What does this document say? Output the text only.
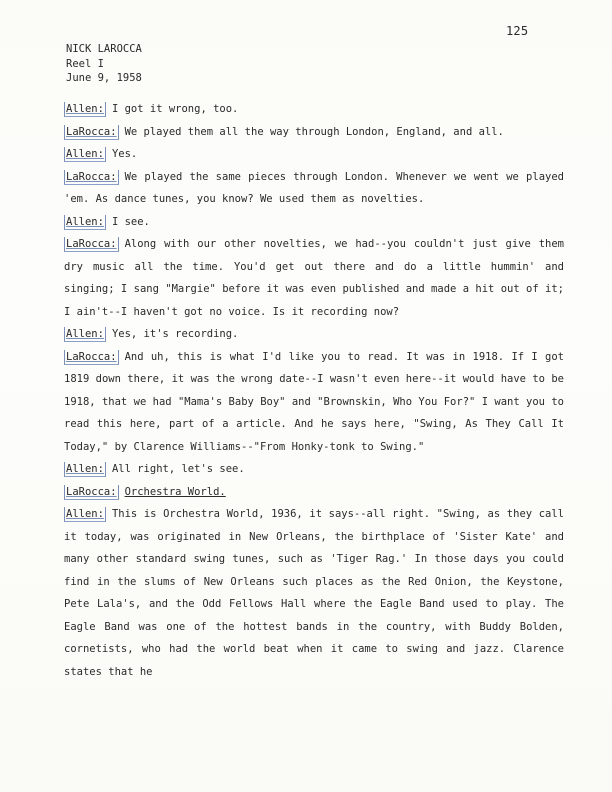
125
NICK LAROCCA
Reel I
June 9, 1958
Allen: I got it wrong, too.
LaRocca: We played them all the way through London, England, and all.
Allen: Yes.
LaRocca: We played the same pieces through London. Whenever we went we played 'em. As dance tunes, you know? We used them as novelties.
Allen: I see.
LaRocca: Along with our other novelties, we had--you couldn't just give them dry music all the time. You'd get out there and do a little hummin' and singing; I sang "Margie" before it was even published and made a hit out of it; I ain't--I haven't got no voice. Is it recording now?
Allen: Yes, it's recording.
LaRocca: And uh, this is what I'd like you to read. It was in 1918. If I got 1819 down there, it was the wrong date--I wasn't even here--it would have to be 1918, that we had "Mama's Baby Boy" and "Brownskin, Who You For?" I want you to read this here, part of a article. And he says here, "Swing, As They Call It Today," by Clarence Williams--"From Honky-tonk to Swing."
Allen: All right, let's see.
LaRocca: Orchestra World.
Allen: This is Orchestra World, 1936, it says--all right. "Swing, as they call it today, was originated in New Orleans, the birthplace of 'Sister Kate' and many other standard swing tunes, such as 'Tiger Rag.' In those days you could find in the slums of New Orleans such places as the Red Onion, the Keystone, Pete Lala's, and the Odd Fellows Hall where the Eagle Band used to play. The Eagle Band was one of the hottest bands in the country, with Buddy Bolden, cornetists, who had the world beat when it came to swing and jazz. Clarence states that he
